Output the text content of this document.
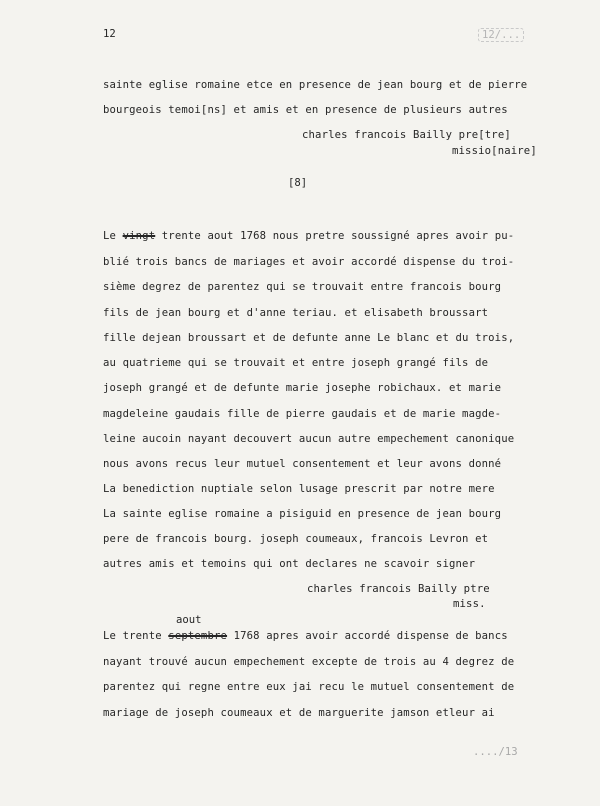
12	12/...
sainte eglise romaine etce en presence de jean bourg et de pierre
bourgeois temoi[ns] et amis et en presence de plusieurs autres
charles francois Bailly pre[tre]
missio[naire]
[8]
Le vingt trente aout 1768 nous pretre soussigné apres avoir pu-
blié trois bancs de mariages et avoir accordé dispense du troi-
sième degrez de parentez qui se trouvait entre francois bourg
fils de jean bourg et d'anne teriau. et elisabeth broussart
fille dejean broussart et de defunte anne Le blanc et du trois,
au quatrieme qui se trouvait et entre joseph grangé fils de
joseph grangé et de defunte marie josephe robichaux. et marie
magdeleine gaudais fille de pierre gaudais et de marie magde-
leine aucoin nayant decouvert aucun autre empechement canonique
nous avons recus leur mutuel consentement et leur avons donné
La benediction nuptiale selon lusage prescrit par notre mere
La sainte eglise romaine a pisiguid en presence de jean bourg
pere de francois bourg. joseph coumeaux, francois Levron et
autres amis et temoins qui ont declares ne scavoir signer
charles francois Bailly ptre
miss.
aout
Le trente septembre 1768 apres avoir accordé dispense de bancs
nayant trouvé aucun empechement excepte de trois au 4 degrez de
parentez qui regne entre eux jai recu le mutuel consentement de
mariage de joseph coumeaux et de marguerite jamson etleur ai
..../13
